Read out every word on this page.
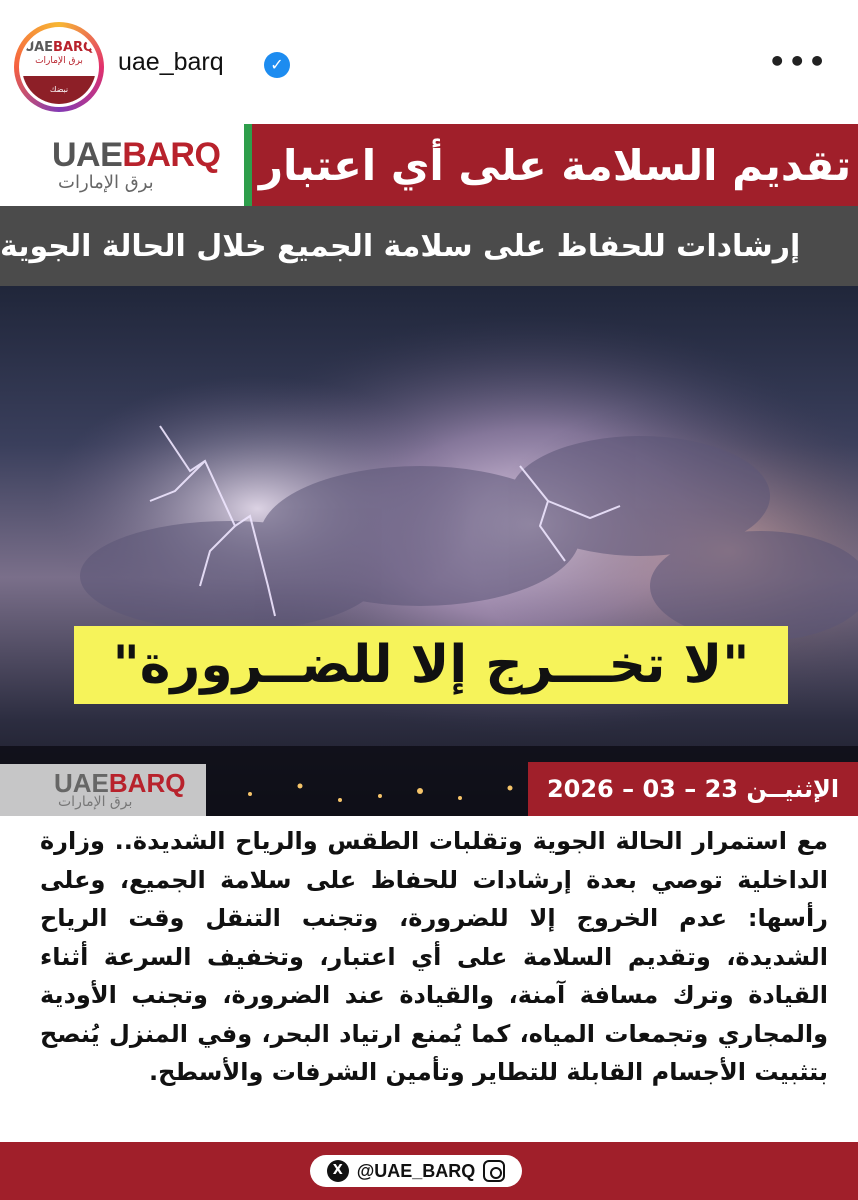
UAEBARQ
برق الإمارات
نبضك
uae_barq	✓	•••
UAEBARQ
برق الإمارات	تقديم السلامة على أي اعتبار
إرشادات للحفاظ على سلامة الجميع خلال الحالة الجوية
"لا تخـــرج إلا للضــرورة"
UAEBARQ
برق الإمارات	الإثنيــن 23 – 03 – 2026
مع استمرار الحالة الجوية وتقلبات الطقس والرياح الشديدة.. وزارة الداخلية توصي بعدة إرشادات للحفاظ على سلامة الجميع، وعلى رأسها: عدم الخروج إلا للضرورة، وتجنب التنقل وقت الرياح الشديدة، وتقديم السلامة على أي اعتبار، وتخفيف السرعة أثناء القيادة وترك مسافة آمنة، والقيادة عند الضرورة، وتجنب الأودية والمجاري وتجمعات المياه، كما يُمنع ارتياد البحر، وفي المنزل يُنصح بتثبيت الأجسام القابلة للتطاير وتأمين الشرفات والأسطح.
X @UAE_BARQ
